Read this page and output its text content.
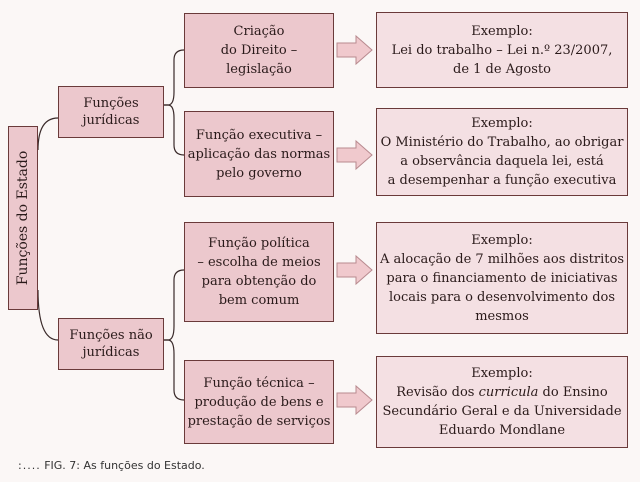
Funções do Estado
Funções
jurídicas
Funções não
jurídicas
Criação
do Direito –
legislação
Função executiva –
aplicação das normas
pelo governo
Função política
– escolha de meios
para obtenção do
bem comum
Função técnica –
produção de bens e
prestação de serviços
Exemplo:
Lei do trabalho – Lei n.º 23/2007,
de 1 de Agosto
Exemplo:
O Ministério do Trabalho, ao obrigar
a observância daquela lei, está
a desempenhar a função executiva
Exemplo:
A alocação de 7 milhões aos distritos
para o financiamento de iniciativas
locais para o desenvolvimento dos
mesmos
Exemplo:
Revisão dos curricula do Ensino
Secundário Geral e da Universidade
Eduardo Mondlane
:.... FIG. 7: As funções do Estado.
